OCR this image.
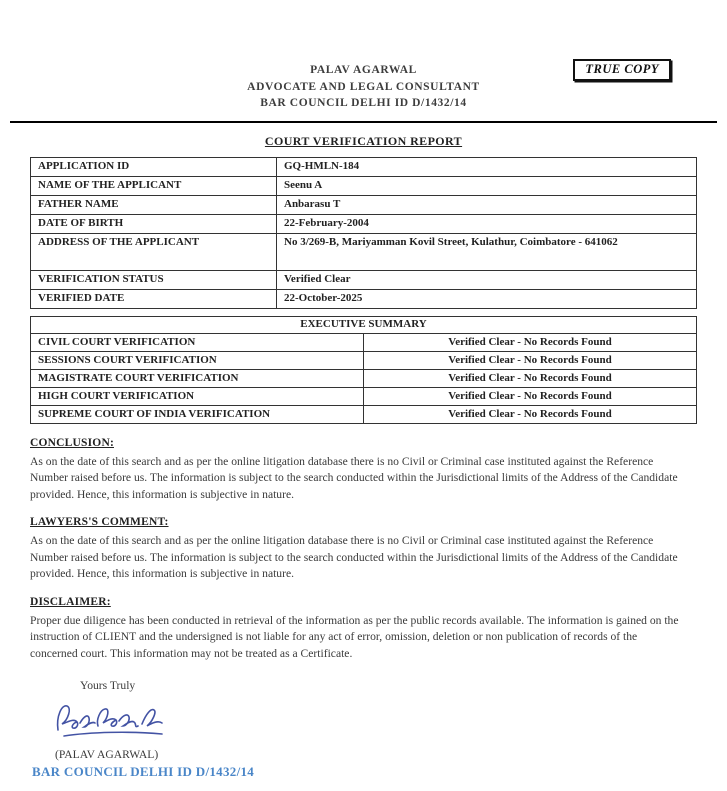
TRUE COPY
PALAV AGARWAL
ADVOCATE AND LEGAL CONSULTANT
BAR COUNCIL DELHI ID D/1432/14
COURT VERIFICATION REPORT
APPLICATION ID	GQ-HMLN-184
NAME OF THE APPLICANT	Seenu A
FATHER NAME	Anbarasu T
DATE OF BIRTH	22-February-2004
ADDRESS OF THE APPLICANT	No 3/269-B, Mariyamman Kovil Street, Kulathur, Coimbatore - 641062
VERIFICATION STATUS	Verified Clear
VERIFIED DATE	22-October-2025
EXECUTIVE SUMMARY	
CIVIL COURT VERIFICATION	Verified Clear - No Records Found
SESSIONS COURT VERIFICATION	Verified Clear - No Records Found
MAGISTRATE COURT VERIFICATION	Verified Clear - No Records Found
HIGH COURT VERIFICATION	Verified Clear - No Records Found
SUPREME COURT OF INDIA VERIFICATION	Verified Clear - No Records Found
CONCLUSION:
As on the date of this search and as per the online litigation database there is no Civil or Criminal case instituted against the Reference Number raised before us. The information is subject to the search conducted within the Jurisdictional limits of the Address of the Candidate provided. Hence, this information is subjective in nature.
LAWYERS'S COMMENT:
As on the date of this search and as per the online litigation database there is no Civil or Criminal case instituted against the Reference Number raised before us. The information is subject to the search conducted within the Jurisdictional limits of the Address of the Candidate provided. Hence, this information is subjective in nature.
DISCLAIMER:
Proper due diligence has been conducted in retrieval of the information as per the public records available. The information is gained on the instruction of CLIENT and the undersigned is not liable for any act of error, omission, deletion or non publication of records of the concerned court. This information may not be treated as a Certificate.
Yours Truly
(PALAV AGARWAL)
BAR COUNCIL DELHI ID D/1432/14
